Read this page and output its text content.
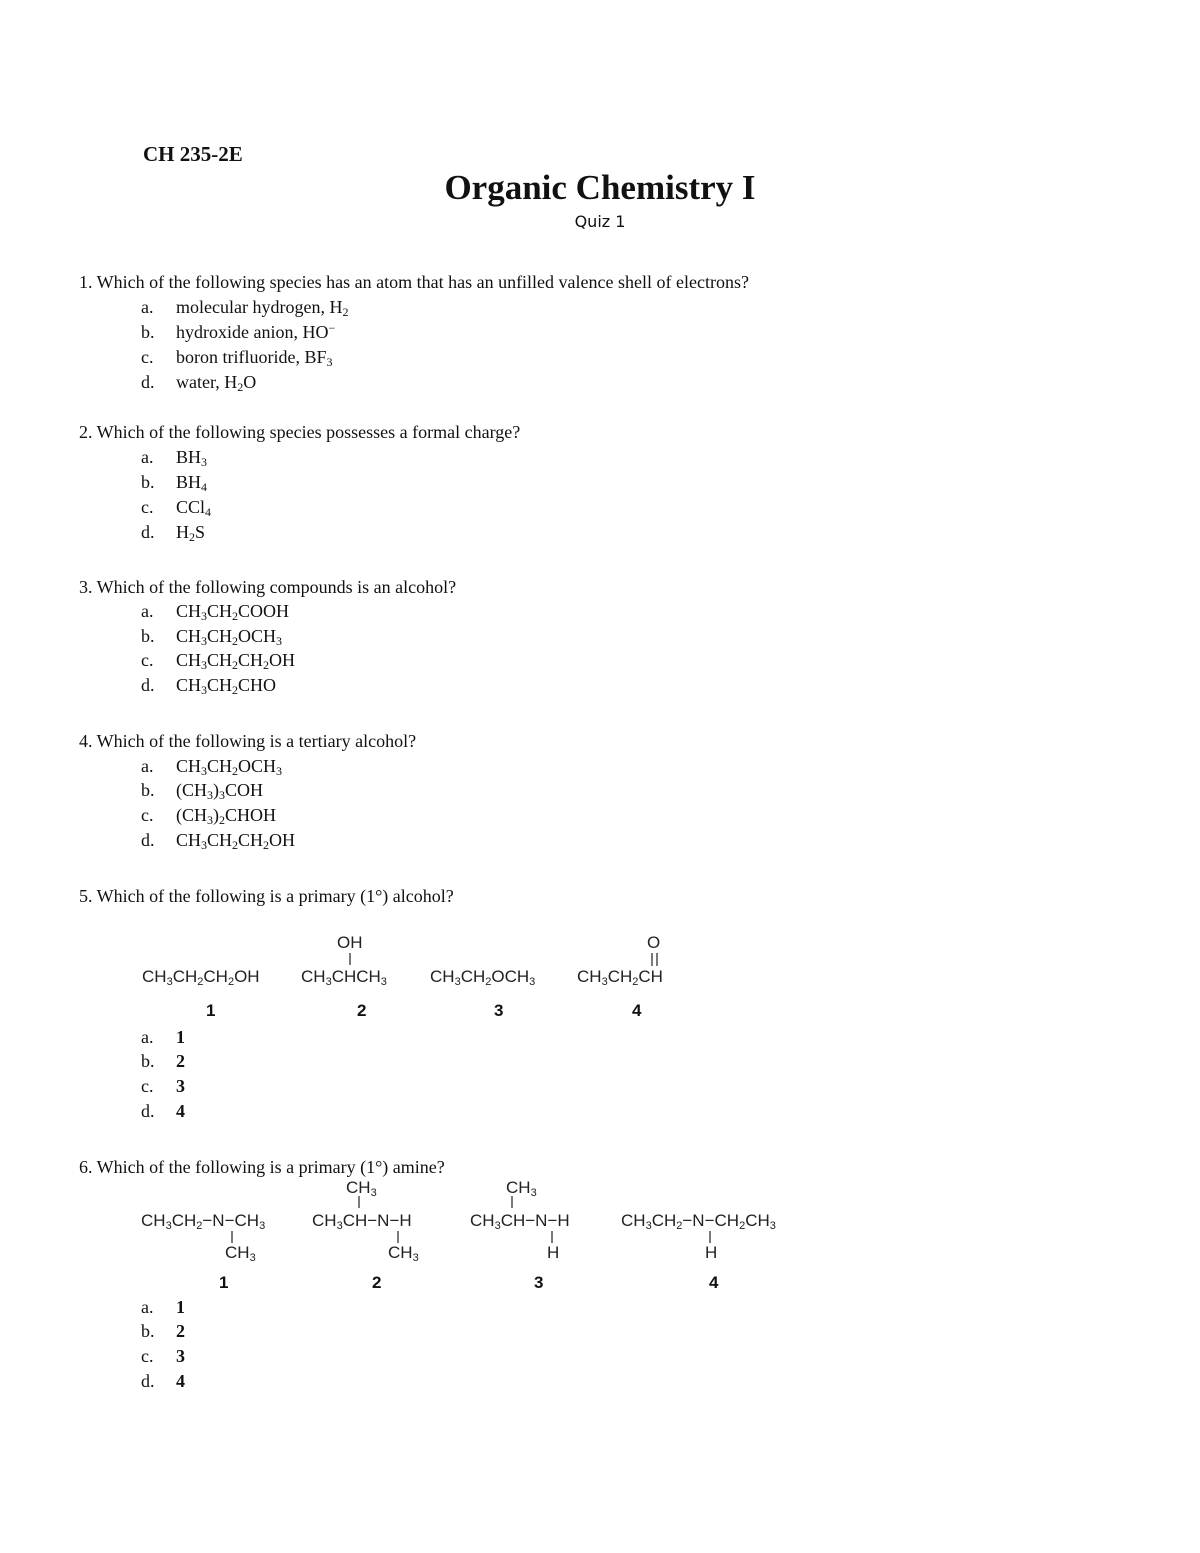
CH 235-2E
Organic Chemistry I
Quiz 1
1. Which of the following species has an atom that has an unfilled valence shell of electrons?
a. molecular hydrogen, $H_2$
b. hydroxide anion, HO−
c. boron trifluoride, $BF_3$
d. water, $H_2O$
2. Which of the following species possesses a formal charge?
a. $BH_3$
b. $BH_4$
c. CCl$_4$
d. $H_2S$
3. Which of the following compounds is an alcohol?
a. $CH_3CH_2COOH$
b. $CH_3CH_2OCH_3$
c. $CH_3CH_2CH_2OH$
d. $CH_3CH_2CHO$
4. Which of the following is a tertiary alcohol?
a. $CH_3CH_2OCH_3$
b. $(CH_3)_3COH$
c. $(CH_3)_2CHOH$
d. $CH_3CH_2CH_2OH$
5. Which of the following is a primary (1°) alcohol?
OH	O
$CH_3CH_2CH_2OH$ $CH_3CHCH_3$	$CH_3CH_2OCH_3$ $CH_3CH_2CH$
1	2	3	4
a. 1
b. 2
c. 3
d. 4
6. Which of the following is a primary (1°) amine?
$CH_3$	$CH_3$
$CH_3CH_2-N-CH_3$	$CH_3CH-N-H$	$CH_3CH-N-H$	$CH_3CH_2-N-CH_2CH_3$
$CH_3$	$CH_3$	H	H
1	2	3	4
a. 1
b. 2
c. 3
d. 4
